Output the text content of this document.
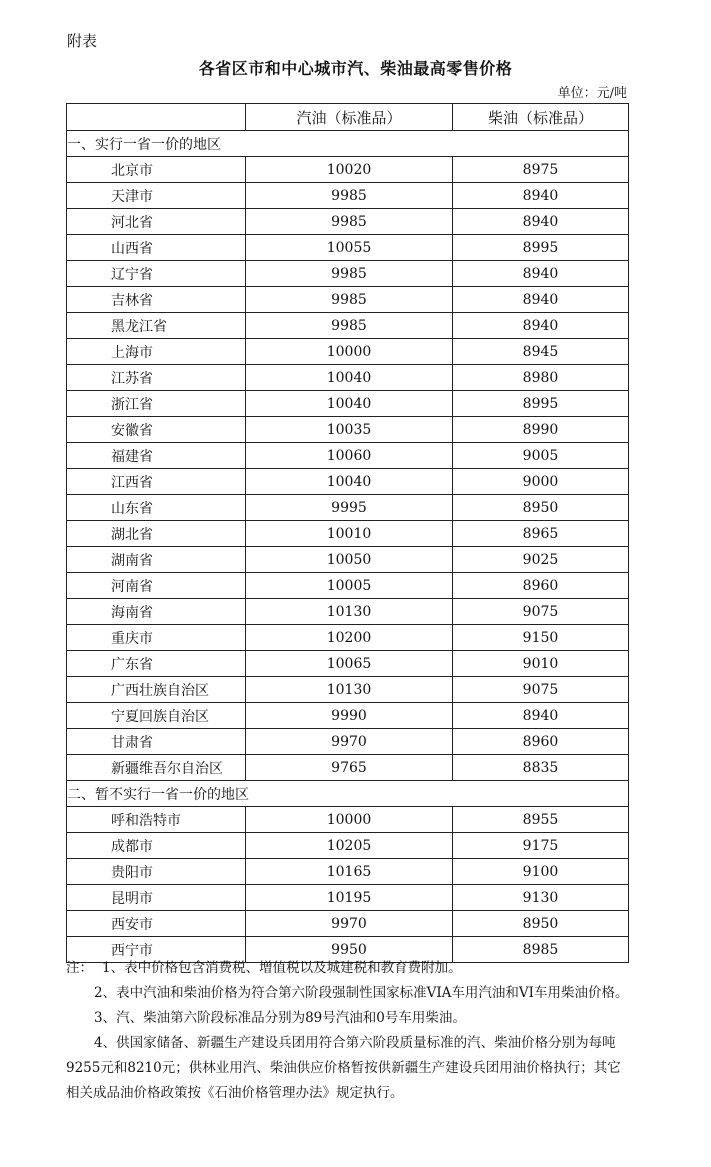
附表
各省区市和中心城市汽、柴油最高零售价格
单位：元/吨
	汽油（标准品）	柴油（标准品）
一、实行一省一价的地区		
北京市	10020	8975
天津市	9985	8940
河北省	9985	8940
山西省	10055	8995
辽宁省	9985	8940
吉林省	9985	8940
黑龙江省	9985	8940
上海市	10000	8945
江苏省	10040	8980
浙江省	10040	8995
安徽省	10035	8990
福建省	10060	9005
江西省	10040	9000
山东省	9995	8950
湖北省	10010	8965
湖南省	10050	9025
河南省	10005	8960
海南省	10130	9075
重庆市	10200	9150
广东省	10065	9010
广西壮族自治区	10130	9075
宁夏回族自治区	9990	8940
甘肃省	9970	8960
新疆维吾尔自治区	9765	8835
二、暂不实行一省一价的地区		
呼和浩特市	10000	8955
成都市	10205	9175
贵阳市	10165	9100
昆明市	10195	9130
西安市	9970	8950
西宁市	9950	8985

注： 1、表中价格包含消费税、增值税以及城建税和教育费附加。

2、表中汽油和柴油价格为符合第六阶段强制性国家标准VIA车用汽油和VI车用柴油价格。

3、汽、柴油第六阶段标准品分别为89号汽油和0号车用柴油。

4、供国家储备、新疆生产建设兵团用符合第六阶段质量标准的汽、柴油价格分别为每吨9255元和8210元；供林业用汽、柴油供应价格暂按供新疆生产建设兵团用油价格执行；其它相关成品油价格政策按《石油价格管理办法》规定执行。
